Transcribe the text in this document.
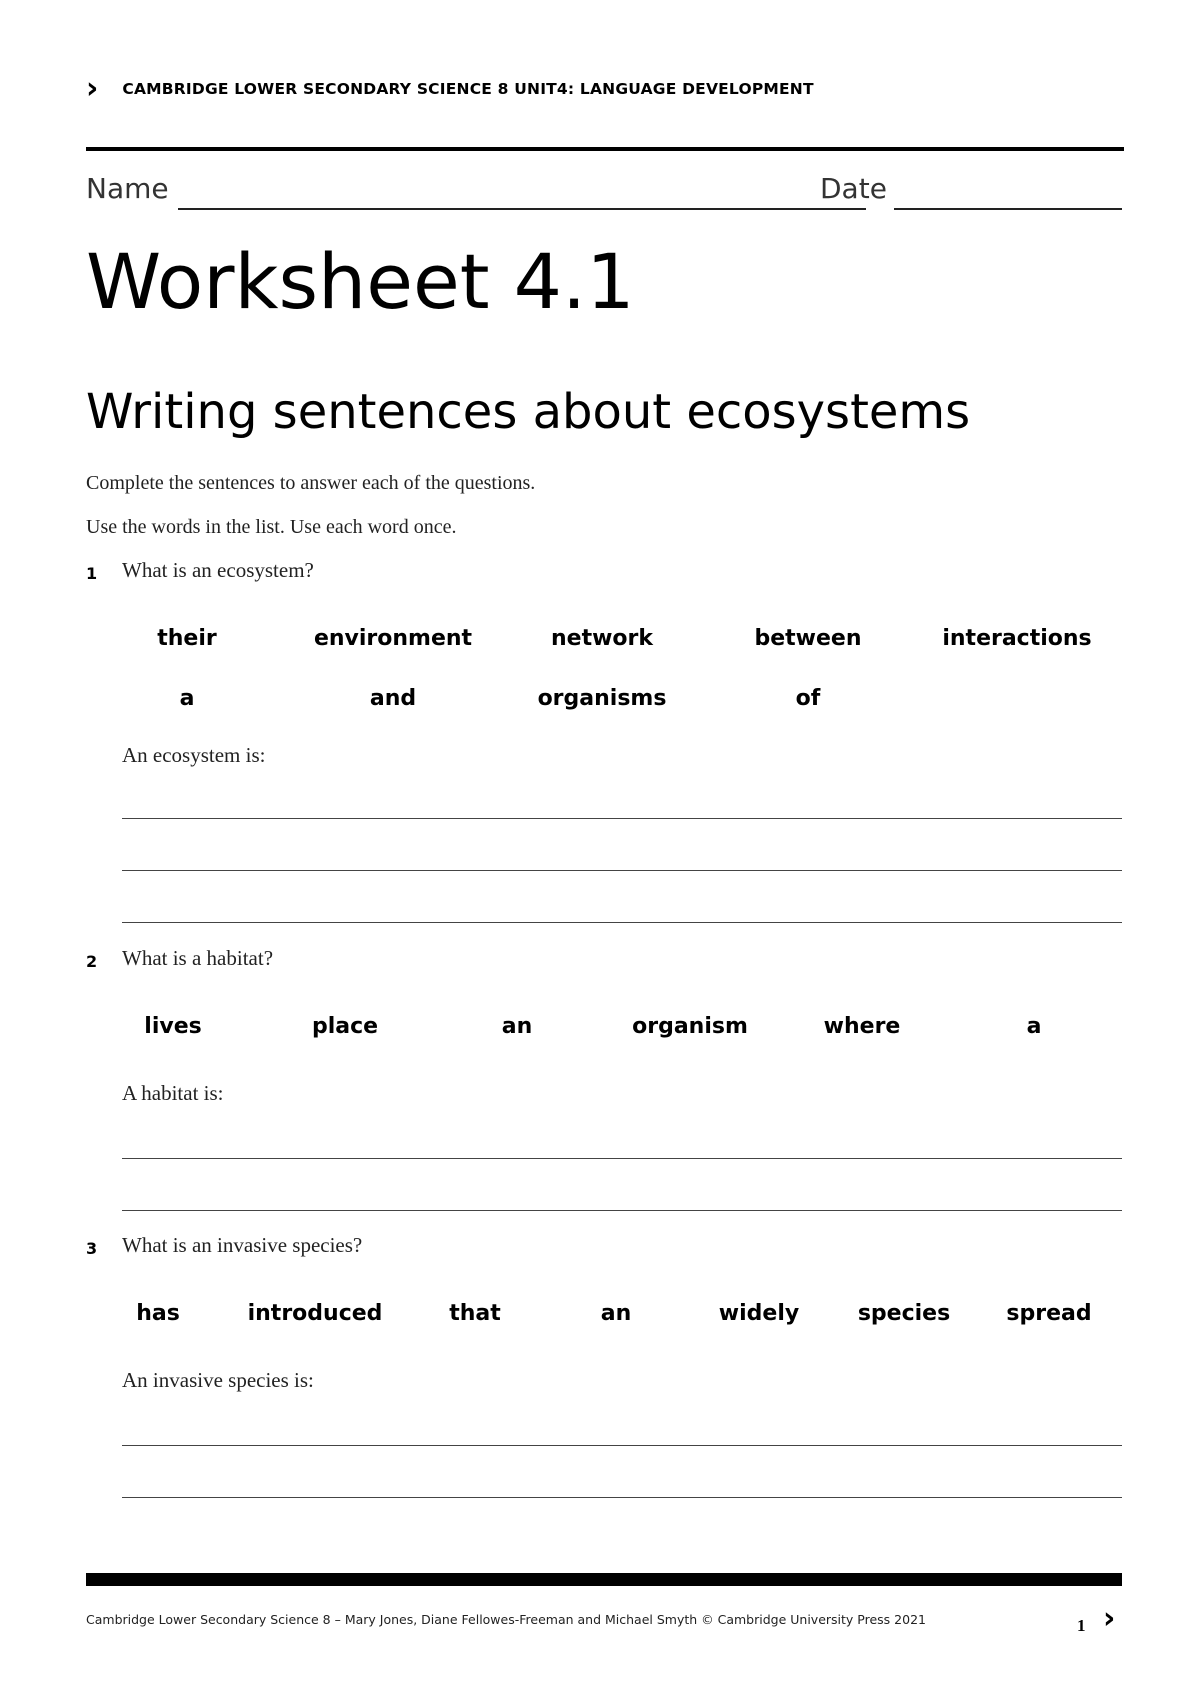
› CAMBRIDGE LOWER SECONDARY SCIENCE 8 UNIT4: LANGUAGE DEVELOPMENT
Name	Date
Worksheet 4.1
Writing sentences about ecosystems
Complete the sentences to answer each of the questions.
Use the words in the list. Use each word once.
1 What is an ecosystem?
their	environment	network	between	interactions
a	and	organisms	of
An ecosystem is:
2 What is a habitat?
lives	place	an	organism	where	a
A habitat is:
3 What is an invasive species?
has	introduced	that	an	widely	species	spread
An invasive species is:
Cambridge Lower Secondary Science 8 – Mary Jones, Diane Fellowes-Freeman and Michael Smyth © Cambridge University Press 2021	1 ›
